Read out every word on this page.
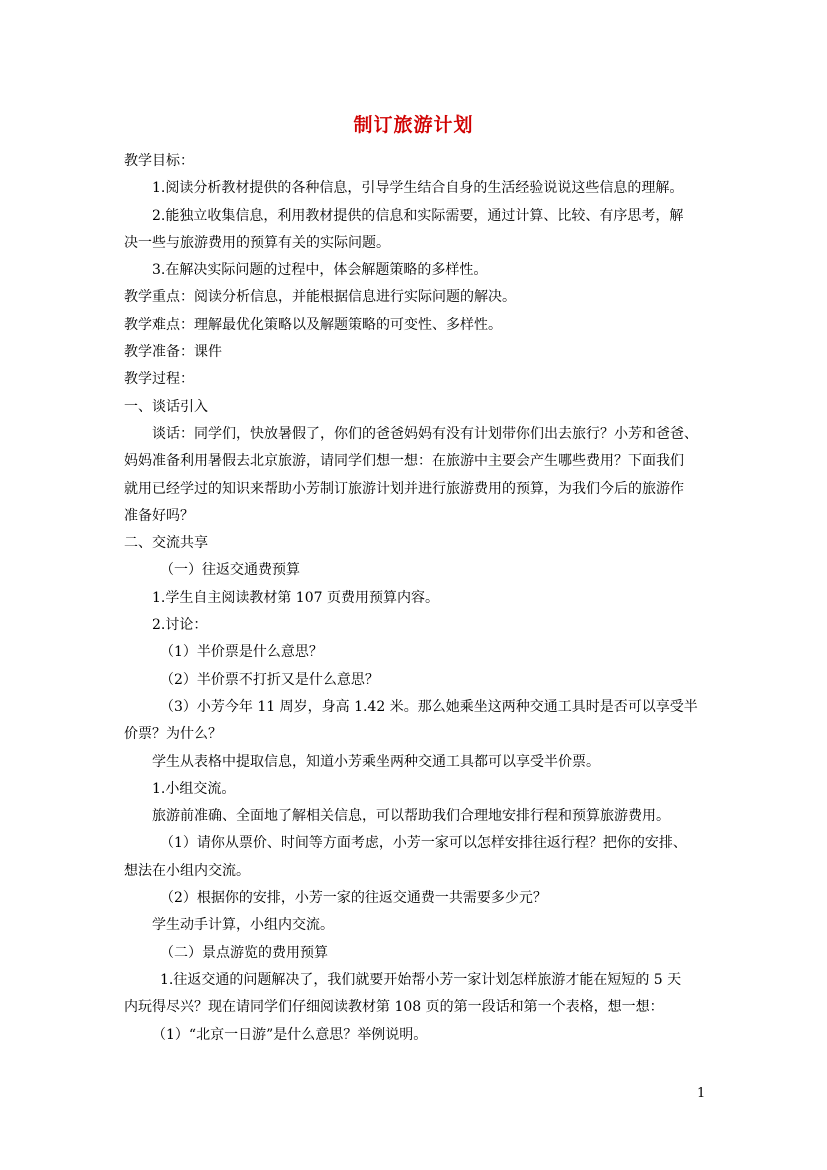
制订旅游计划
教学目标：
1.阅读分析教材提供的各种信息，引导学生结合自身的生活经验说说这些信息的理解。
2.能独立收集信息，利用教材提供的信息和实际需要，通过计算、比较、有序思考，解
决一些与旅游费用的预算有关的实际问题。
3.在解决实际问题的过程中，体会解题策略的多样性。
教学重点：阅读分析信息，并能根据信息进行实际问题的解决。
教学难点：理解最优化策略以及解题策略的可变性、多样性。
教学准备：课件
教学过程：
一、谈话引入
谈话：同学们，快放暑假了，你们的爸爸妈妈有没有计划带你们出去旅行？小芳和爸爸、
妈妈准备利用暑假去北京旅游，请同学们想一想：在旅游中主要会产生哪些费用？下面我们
就用已经学过的知识来帮助小芳制订旅游计划并进行旅游费用的预算，为我们今后的旅游作
准备好吗？
二、交流共享
（一）往返交通费预算
1.学生自主阅读教材第 107 页费用预算内容。
2.讨论：
（1）半价票是什么意思？
（2）半价票不打折又是什么意思？
（3）小芳今年 11 周岁，身高 1.42 米。那么她乘坐这两种交通工具时是否可以享受半
价票？为什么？
学生从表格中提取信息，知道小芳乘坐两种交通工具都可以享受半价票。
1.小组交流。
旅游前准确、全面地了解相关信息，可以帮助我们合理地安排行程和预算旅游费用。
（1）请你从票价、时间等方面考虑，小芳一家可以怎样安排往返行程？把你的安排、
想法在小组内交流。
（2）根据你的安排，小芳一家的往返交通费一共需要多少元？
学生动手计算，小组内交流。
（二）景点游览的费用预算
1.往返交通的问题解决了，我们就要开始帮小芳一家计划怎样旅游才能在短短的 5 天
内玩得尽兴？现在请同学们仔细阅读教材第 108 页的第一段话和第一个表格，想一想：
（1）“北京一日游”是什么意思？举例说明。
1
